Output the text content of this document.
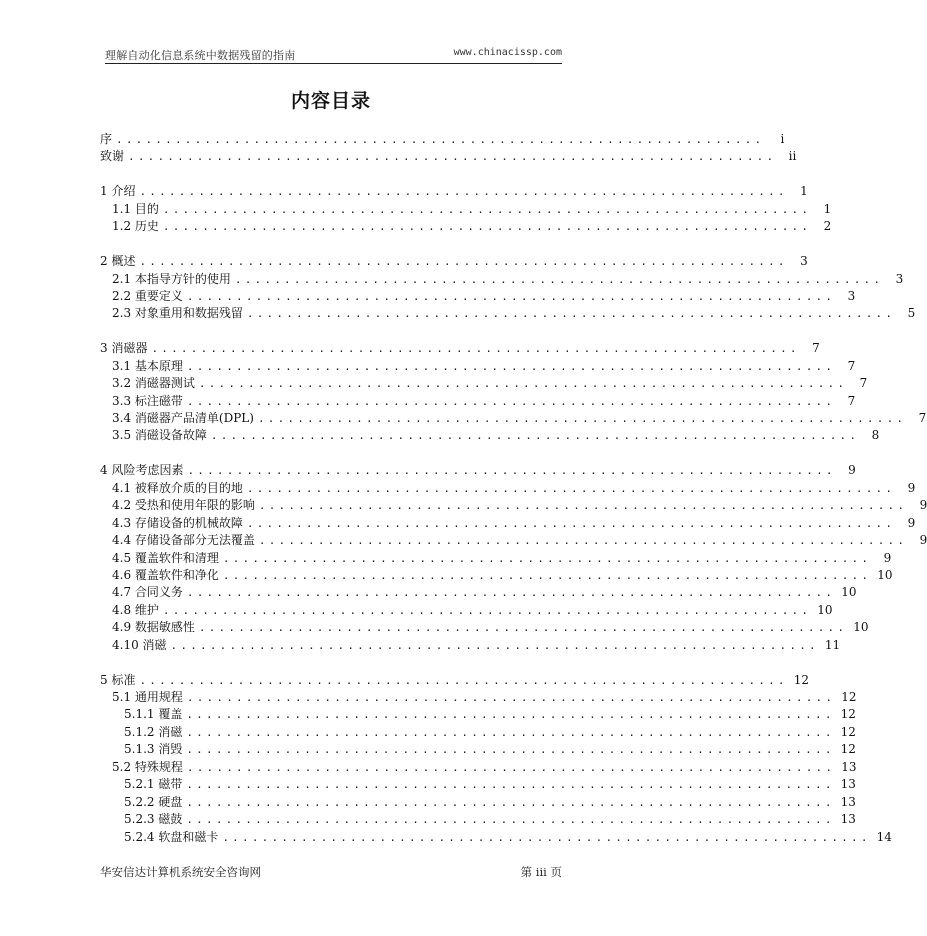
理解自动化信息系统中数据残留的指南	www.chinacissp.com
内容目录
序 ..................................................................	i
致谢 ..................................................................	ii
1 介绍 ..................................................................	1
1.1 目的 ..................................................................	1
1.2 历史 ..................................................................	2
2 概述 ..................................................................	3
2.1 本指导方针的使用 ..................................................................	3
2.2 重要定义 ..................................................................	3
2.3 对象重用和数据残留 ..................................................................	5
3 消磁器 ..................................................................	7
3.1 基本原理 ..................................................................	7
3.2 消磁器测试 ..................................................................	7
3.3 标注磁带 ..................................................................	7
3.4 消磁器产品清单(DPL) ..................................................................	7
3.5 消磁设备故障 ..................................................................	8
4 风险考虑因素 ..................................................................	9
4.1 被释放介质的目的地 ..................................................................	9
4.2 受热和使用年限的影响 ..................................................................	9
4.3 存储设备的机械故障 ..................................................................	9
4.4 存储设备部分无法覆盖 ..................................................................	9
4.5 覆盖软件和清理 ..................................................................	9
4.6 覆盖软件和净化 .................................................................. 10
4.7 合同义务 .................................................................. 10
4.8 维护 .................................................................. 10
4.9 数据敏感性 .................................................................. 10
4.10 消磁 .................................................................. 11
5 标准 .................................................................. 12
5.1 通用规程 .................................................................. 12
5.1.1 覆盖 .................................................................. 12
5.1.2 消磁 .................................................................. 12
5.1.3 消毁 .................................................................. 12
5.2 特殊规程 .................................................................. 13
5.2.1 磁带 .................................................................. 13
5.2.2 硬盘 .................................................................. 13
5.2.3 磁鼓 .................................................................. 13
5.2.4 软盘和磁卡 .................................................................. 14
华安信达计算机系统安全咨询网	第 iii 页
